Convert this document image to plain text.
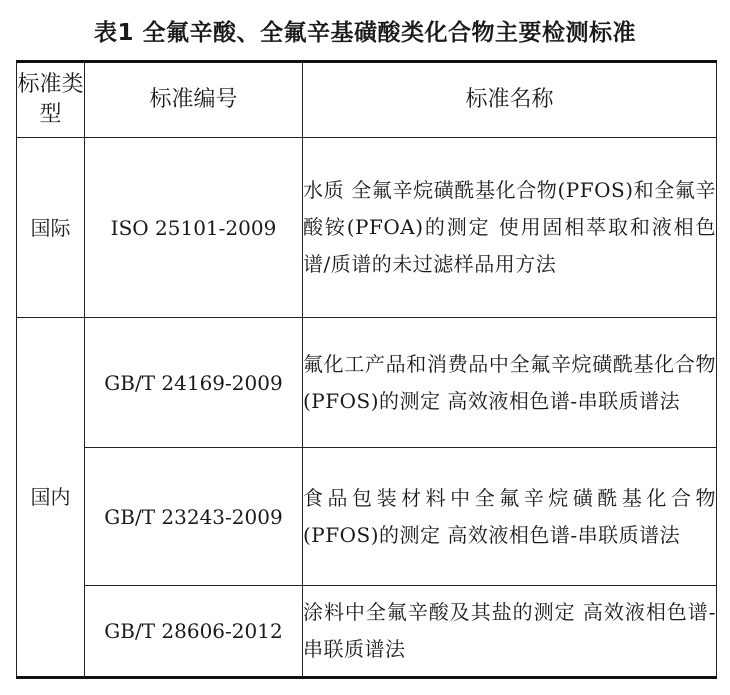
表1 全氟辛酸、全氟辛基磺酸类化合物主要检测标准
标准类型	标准编号	标准名称
国际	ISO 25101-2009	水质 全氟辛烷磺酰基化合物(PFOS)和全氟辛酸铵(PFOA)的测定 使用固相萃取和液相色谱/质谱的未过滤样品用方法
国内	GB/T 24169-2009	氟化工产品和消费品中全氟辛烷磺酰基化合物(PFOS)的测定 高效液相色谱-串联质谱法
	GB/T 23243-2009	食品包装材料中全氟辛烷磺酰基化合物(PFOS)的测定 高效液相色谱-串联质谱法
	GB/T 28606-2012	涂料中全氟辛酸及其盐的测定 高效液相色谱-串联质谱法
